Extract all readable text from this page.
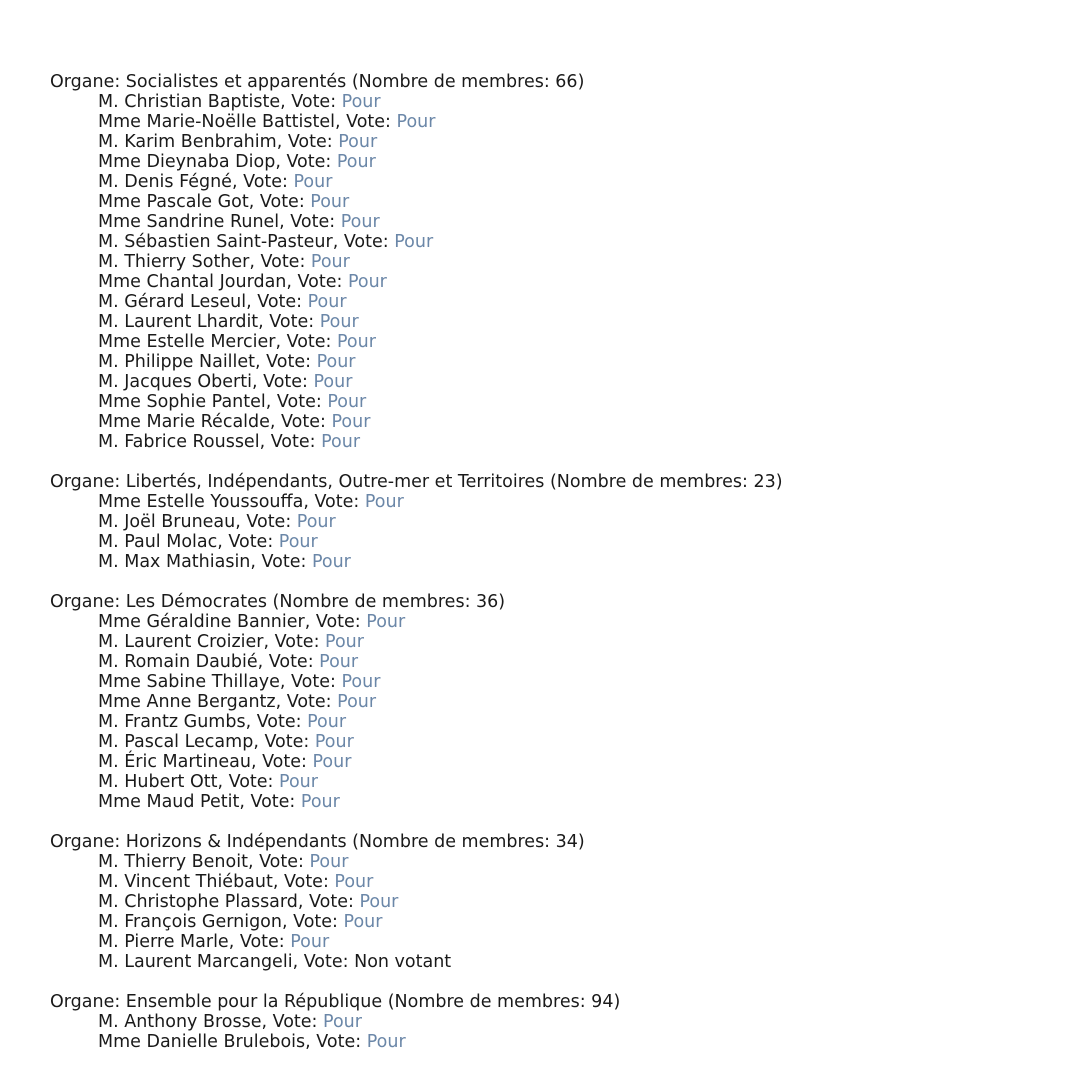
Organe: Socialistes et apparentés (Nombre de membres: 66)
M. Christian Baptiste, Vote: Pour
Mme Marie-Noëlle Battistel, Vote: Pour
M. Karim Benbrahim, Vote: Pour
Mme Dieynaba Diop, Vote: Pour
M. Denis Fégné, Vote: Pour
Mme Pascale Got, Vote: Pour
Mme Sandrine Runel, Vote: Pour
M. Sébastien Saint-Pasteur, Vote: Pour
M. Thierry Sother, Vote: Pour
Mme Chantal Jourdan, Vote: Pour
M. Gérard Leseul, Vote: Pour
M. Laurent Lhardit, Vote: Pour
Mme Estelle Mercier, Vote: Pour
M. Philippe Naillet, Vote: Pour
M. Jacques Oberti, Vote: Pour
Mme Sophie Pantel, Vote: Pour
Mme Marie Récalde, Vote: Pour
M. Fabrice Roussel, Vote: Pour
Organe: Libertés, Indépendants, Outre-mer et Territoires (Nombre de membres: 23)
Mme Estelle Youssouffa, Vote: Pour
M. Joël Bruneau, Vote: Pour
M. Paul Molac, Vote: Pour
M. Max Mathiasin, Vote: Pour
Organe: Les Démocrates (Nombre de membres: 36)
Mme Géraldine Bannier, Vote: Pour
M. Laurent Croizier, Vote: Pour
M. Romain Daubié, Vote: Pour
Mme Sabine Thillaye, Vote: Pour
Mme Anne Bergantz, Vote: Pour
M. Frantz Gumbs, Vote: Pour
M. Pascal Lecamp, Vote: Pour
M. Éric Martineau, Vote: Pour
M. Hubert Ott, Vote: Pour
Mme Maud Petit, Vote: Pour
Organe: Horizons & Indépendants (Nombre de membres: 34)
M. Thierry Benoit, Vote: Pour
M. Vincent Thiébaut, Vote: Pour
M. Christophe Plassard, Vote: Pour
M. François Gernigon, Vote: Pour
M. Pierre Marle, Vote: Pour
M. Laurent Marcangeli, Vote: Non votant
Organe: Ensemble pour la République (Nombre de membres: 94)
M. Anthony Brosse, Vote: Pour
Mme Danielle Brulebois, Vote: Pour
